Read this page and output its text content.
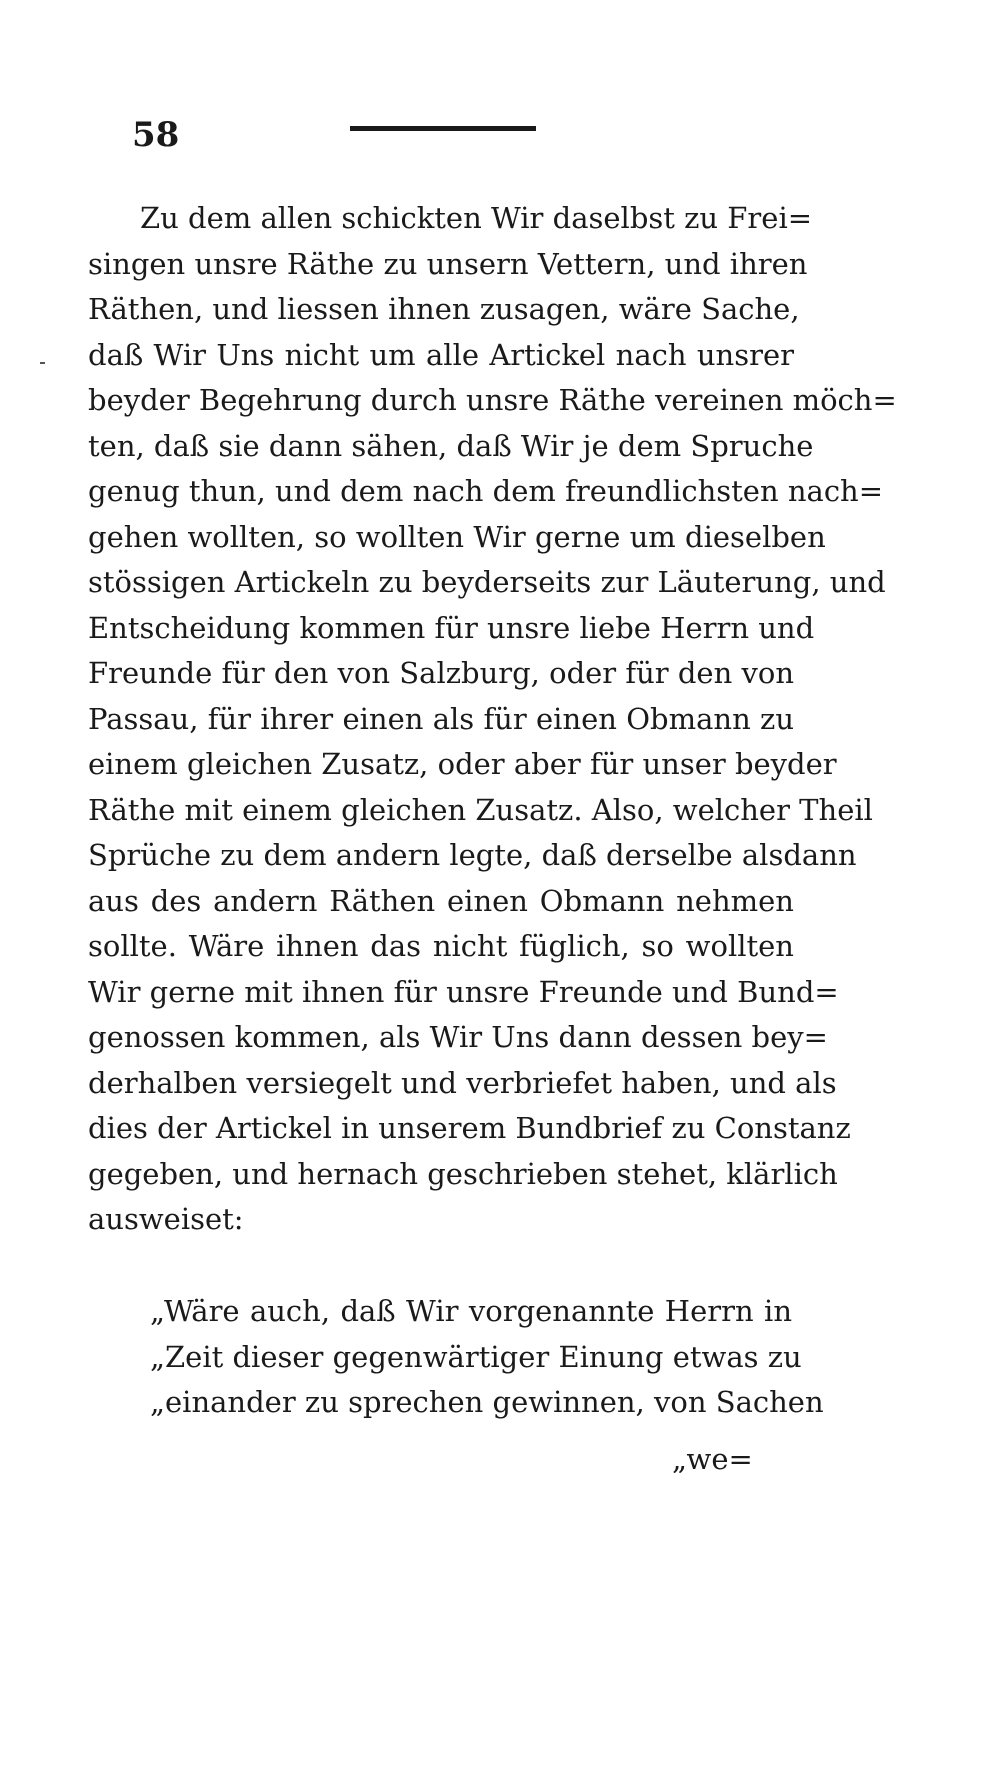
58
Zu dem allen schickten Wir daselbst zu Frei=
singen unsre Räthe zu unsern Vettern, und ihren
Räthen, und liessen ihnen zusagen, wäre Sache,
daß Wir Uns nicht um alle Artickel nach unsrer
beyder Begehrung durch unsre Räthe vereinen möch=
ten, daß sie dann sähen, daß Wir je dem Spruche
genug thun, und dem nach dem freundlichsten nach=
gehen wollten, so wollten Wir gerne um dieselben
stössigen Artickeln zu beyderseits zur Läuterung, und
Entscheidung kommen für unsre liebe Herrn und
Freunde für den von Salzburg, oder für den von
Passau, für ihrer einen als für einen Obmann zu
einem gleichen Zusatz, oder aber für unser beyder
Räthe mit einem gleichen Zusatz. Also, welcher Theil
Sprüche zu dem andern legte, daß derselbe alsdann
aus des andern Räthen einen Obmann nehmen
sollte. Wäre ihnen das nicht füglich, so wollten
Wir gerne mit ihnen für unsre Freunde und Bund=
genossen kommen, als Wir Uns dann dessen bey=
derhalben versiegelt und verbriefet haben, und als
dies der Artickel in unserem Bundbrief zu Constanz
gegeben, und hernach geschrieben stehet, klärlich
ausweiset:
„Wäre auch, daß Wir vorgenannte Herrn in
„Zeit dieser gegenwärtiger Einung etwas zu
„einander zu sprechen gewinnen, von Sachen
„we=
